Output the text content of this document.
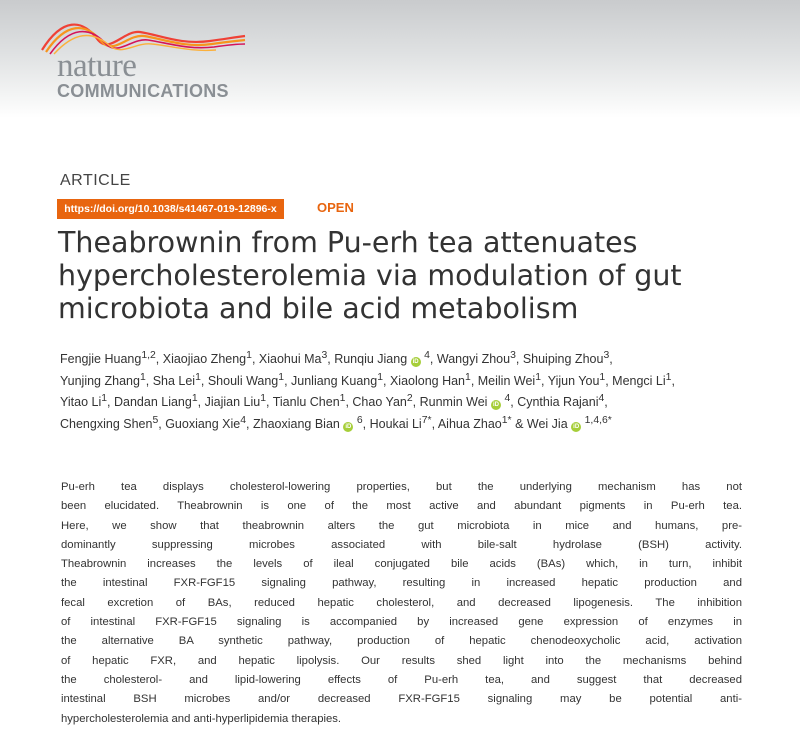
nature
COMMUNICATIONS
ARTICLE
https://doi.org/10.1038/s41467-019-12896-x	OPEN
Theabrownin from Pu-erh tea attenuates
hypercholesterolemia via modulation of gut
microbiota and bile acid metabolism
Fengjie Huang$^{1,2}$, Xiaojiao Zheng$^1$, Xiaohui Ma$^3$, Runqiu Jiang iD $^4$, Wangyi Zhou$^3$, Shuiping Zhou$^3$,
Yunjing Zhang$^1$, Sha Lei$^1$, Shouli Wang$^1$, Junliang Kuang$^1$, Xiaolong Han$^1$, Meilin Wei$^1$, Yijun You$^1$, Mengci Li$^1$,
Yitao Li$^1$, Dandan Liang$^1$, Jiajian Liu$^1$, Tianlu Chen$^1$, Chao Yan$^2$, Runmin Wei iD $^4$, Cynthia Rajani$^4$,
Chengxing Shen$^5$, Guoxiang Xie$^4$, Zhaoxiang Bian iD $^6$, Houkai $Li^{7*}$, Aihua Zhao$^{1*}$ & Wei Jia iD $^{1,4,6*}$

Pu-erh tea displays cholesterol-lowering properties, but the underlying mechanism has not
been elucidated. Theabrownin is one of the most active and abundant pigments in Pu-erh tea.
Here, we show that theabrownin alters the gut microbiota in mice and humans, pre-
dominantly suppressing microbes associated with bile-salt hydrolase (BSH) activity.
Theabrownin increases the levels of ileal conjugated bile acids (BAs) which, in turn, inhibit
the intestinal FXR-FGF15 signaling pathway, resulting in increased hepatic production and
fecal excretion of BAs, reduced hepatic cholesterol, and decreased lipogenesis. The inhibition
of intestinal FXR-FGF15 signaling is accompanied by increased gene expression of enzymes in
the alternative BA synthetic pathway, production of hepatic chenodeoxycholic acid, activation
of hepatic FXR, and hepatic lipolysis. Our results shed light into the mechanisms behind
the cholesterol- and lipid-lowering effects of Pu-erh tea, and suggest that decreased
intestinal BSH microbes and/or decreased FXR-FGF15 signaling may be potential anti-
hypercholesterolemia and anti-hyperlipidemia therapies.
